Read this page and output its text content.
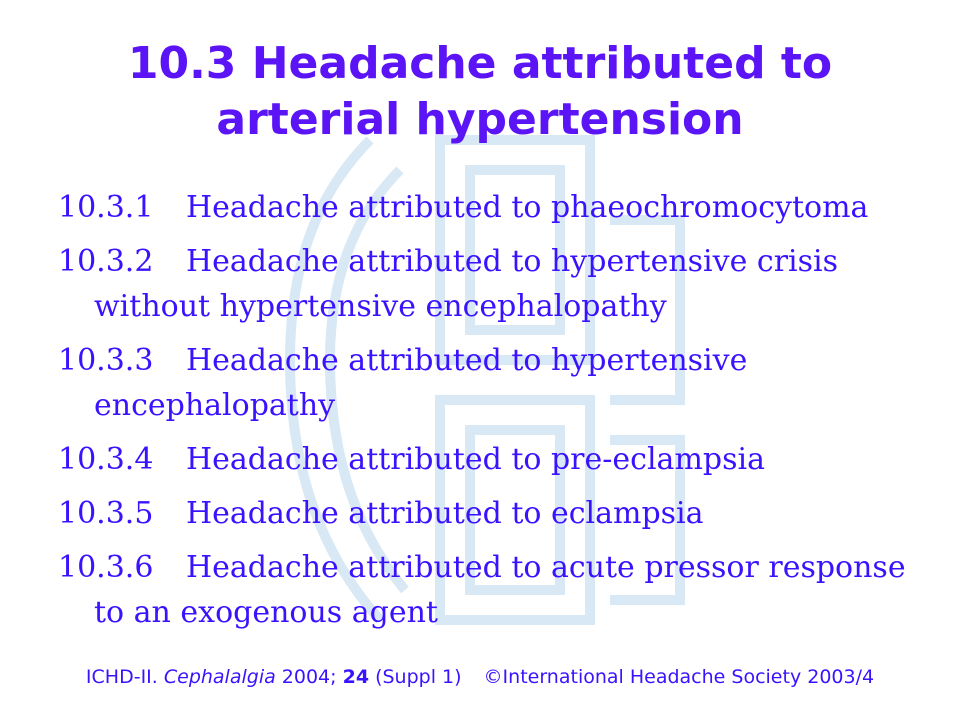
10.3 Headache attributed to
arterial hypertension
10.3.1 Headache attributed to phaeochromocytoma
10.3.2 Headache attributed to hypertensive crisis without hypertensive encephalopathy
10.3.3 Headache attributed to hypertensive encephalopathy
10.3.4 Headache attributed to pre-eclampsia
10.3.5 Headache attributed to eclampsia
10.3.6 Headache attributed to acute pressor response to an exogenous agent
ICHD-II. Cephalalgia 2004; 24 (Suppl 1) ©International Headache Society 2003/4
